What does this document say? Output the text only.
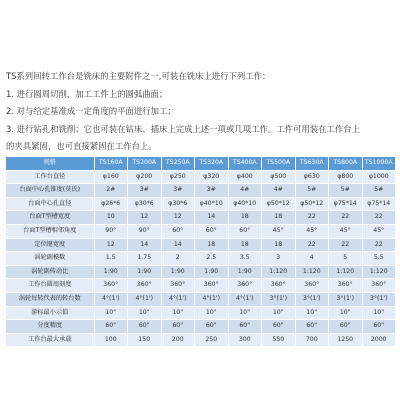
TS系列回转工作台是铣床的主要附件之一,可装在铣床上进行下列工作：

1. 进行圆周切削，加工工件上的圆弧曲面；

2. 对与给定基准成一定角度的平面进行加工；

3. 进行钻孔和铣削；它也可装在钻床、插床上完成上述一项或几项工作。工件可用装在工作台上

的夹具紧固，也可直接紧固在工作台上。

规格	TS160A	TS200A	TS250A	TS320A	TS400A	TS500A	TS630A	TS800A	TS1000A
工作台直径	φ160	φ200	φ250	φ320	φ400	φ500	φ630	φ800	φ1000
台面中心孔锥度(莫氏)	2#	3#	3#	3#	4#	4#	5#	5#	5#
台面中心孔直径	φ26*6	φ30*6	φ30*6	φ40*10	φ40*10	φ50*12	φ50*12	φ75*14	φ75*14
台面T型槽宽度	10	12	12	14	18	18	22	22	22
台面T型槽相邻角度	90°	90°	60°	60°	60°	45°	45°	45°	45°
定位键宽度	12	14	14	18	18	18	22	22	22
涡轮副模数	1.5	1.75	2	2.5	3.5	3	4	5	5.5
涡轮副传动比	1:90	1:90	1:90	1:90	1:90	1:120	1:120	1:120	1:120
工作台圆周刻度	360°	360°	360°	360°	360°	360°	360°	360°	360°
涡轮每转代表的转台数	4°(1')	4°(1')	4°(1')	4°(1')	4°(1')	3°(1')	3°(1')	3°(1')	3°(1')
游标最小示值	10"	10"	10"	10"	10"	10"	10"	10"	10"
分度精度	60"	60"	60"	60"	60"	60"	60"	60"	60"
工作台最大承载	100	150	200	250	300	550	700	1250	2000
